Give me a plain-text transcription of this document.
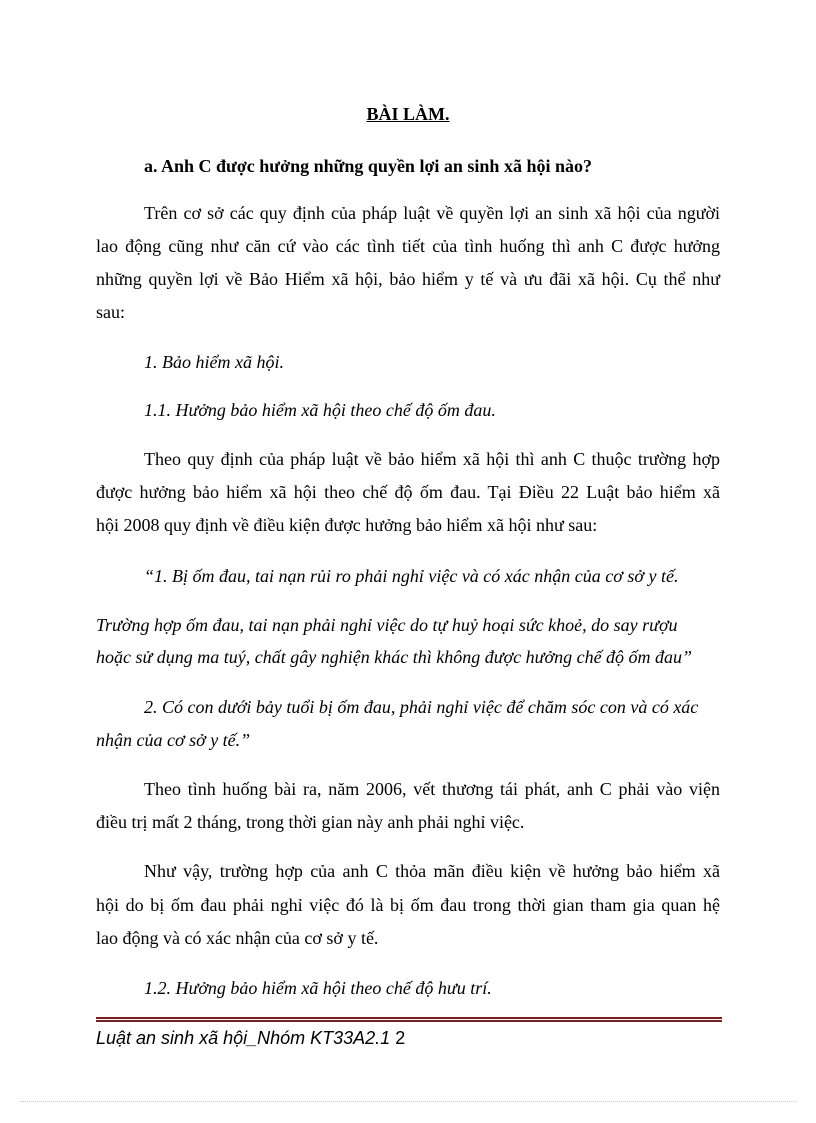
BÀI LÀM.
a. Anh C được hưởng những quyền lợi an sinh xã hội nào?
Trên cơ sở các quy định của pháp luật về quyền lợi an sinh xã hội của người
lao động cũng như căn cứ vào các tình tiết của tình huống thì anh C được hưởng
những quyền lợi về Bảo Hiểm xã hội, bảo hiểm y tế và ưu đãi xã hội. Cụ thể như
sau:
1. Bảo hiểm xã hội.
1.1. Hưởng bảo hiểm xã hội theo chế độ ốm đau.
Theo quy định của pháp luật về bảo hiểm xã hội thì anh C thuộc trường hợp
được hưởng bảo hiểm xã hội theo chế độ ốm đau. Tại Điều 22 Luật bảo hiểm xã
hội 2008 quy định về điều kiện được hưởng bảo hiểm xã hội như sau:
“1. Bị ốm đau, tai nạn rủi ro phải nghỉ việc và có xác nhận của cơ sở y tế.
Trường hợp ốm đau, tai nạn phải nghỉ việc do tự huỷ hoại sức khoẻ, do say rượu
hoặc sử dụng ma tuý, chất gây nghiện khác thì không được hưởng chế độ ốm đau”
2. Có con dưới bảy tuổi bị ốm đau, phải nghỉ việc để chăm sóc con và có xác
nhận của cơ sở y tế.”
Theo tình huống bài ra, năm 2006, vết thương tái phát, anh C phải vào viện
điều trị mất 2 tháng, trong thời gian này anh phải nghỉ việc.
Như vậy, trường hợp của anh C thỏa mãn điều kiện về hưởng bảo hiểm xã
hội do bị ốm đau phải nghỉ việc đó là bị ốm đau trong thời gian tham gia quan hệ
lao động và có xác nhận của cơ sở y tế.
1.2. Hưởng bảo hiểm xã hội theo chế độ hưu trí.
Luật an sinh xã hội_Nhóm KT33A2.1 2
